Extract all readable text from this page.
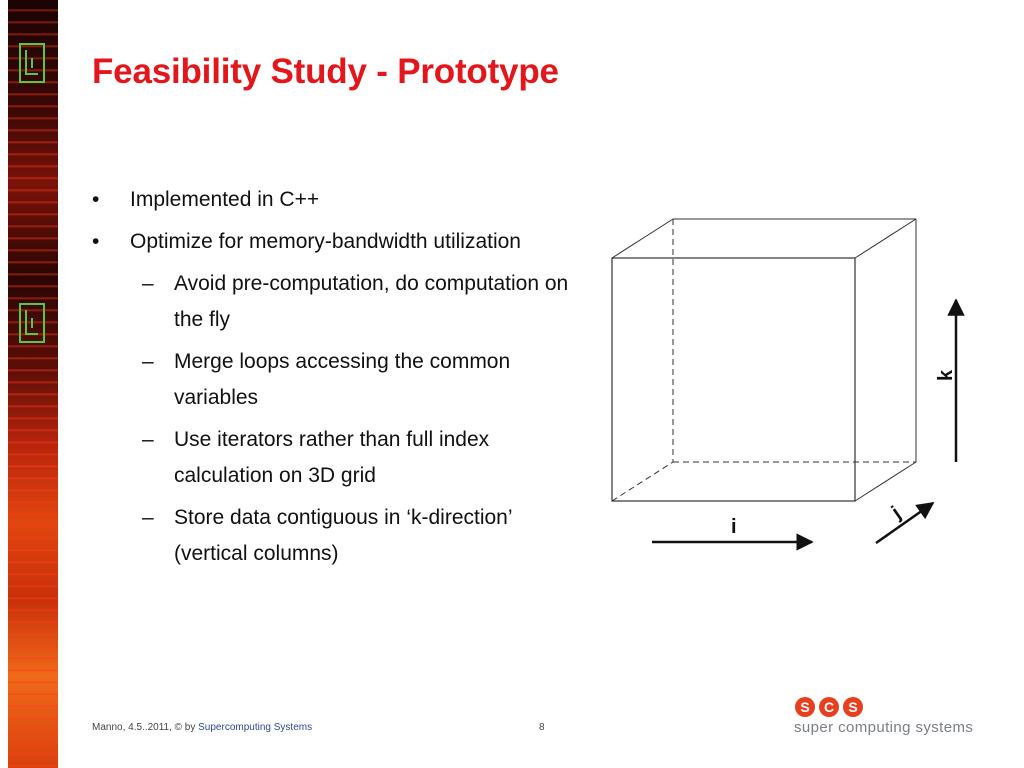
Feasibility Study - Prototype
• Implemented in C++
• Optimize for memory-bandwidth utilization
– Avoid pre-computation, do computation on the fly
– Merge loops accessing the common variables
– Use iterators rather than full index calculation on 3D grid
– Store data contiguous in ‘k-direction’ (vertical columns)
i
j
k
Manno, 4.5..2011, © by Supercomputing Systems	8
S	C	S
super computing systems
